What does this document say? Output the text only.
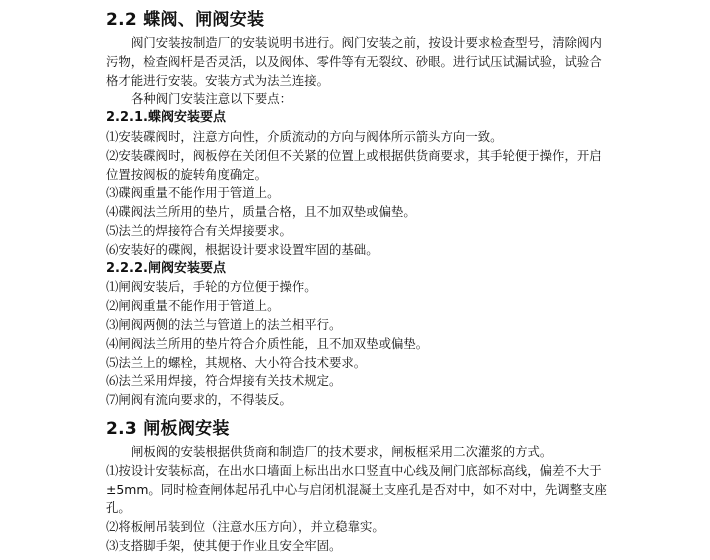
2.2 蝶阀、闸阀安装
阀门安装按制造厂的安装说明书进行。阀门安装之前，按设计要求检查型号，清除阀内
污物，检查阀杆是否灵活，以及阀体、零件等有无裂纹、砂眼。进行试压试漏试验，试验合
格才能进行安装。安装方式为法兰连接。
各种阀门安装注意以下要点：
2.2.1.蝶阀安装要点
⑴安装碟阀时，注意方向性，介质流动的方向与阀体所示箭头方向一致。
⑵安装碟阀时，阀板停在关闭但不关紧的位置上或根据供货商要求，其手轮便于操作，开启
位置按阀板的旋转角度确定。
⑶碟阀重量不能作用于管道上。
⑷碟阀法兰所用的垫片，质量合格，且不加双垫或偏垫。
⑸法兰的焊接符合有关焊接要求。
⑹安装好的碟阀，根据设计要求设置牢固的基础。
2.2.2.闸阀安装要点
⑴闸阀安装后，手轮的方位便于操作。
⑵闸阀重量不能作用于管道上。
⑶闸阀两侧的法兰与管道上的法兰相平行。
⑷闸阀法兰所用的垫片符合介质性能，且不加双垫或偏垫。
⑸法兰上的螺栓，其规格、大小符合技术要求。
⑹法兰采用焊接，符合焊接有关技术规定。
⑺闸阀有流向要求的，不得装反。
2.3 闸板阀安装
闸板阀的安装根据供货商和制造厂的技术要求，闸板框采用二次灌浆的方式。
⑴按设计安装标高，在出水口墙面上标出出水口竖直中心线及闸门底部标高线，偏差不大于
±5mm。同时检查闸体起吊孔中心与启闭机混凝土支座孔是否对中，如不对中，先调整支座
孔。
⑵将板闸吊装到位（注意水压方向），并立稳靠实。
⑶支搭脚手架，使其便于作业且安全牢固。
